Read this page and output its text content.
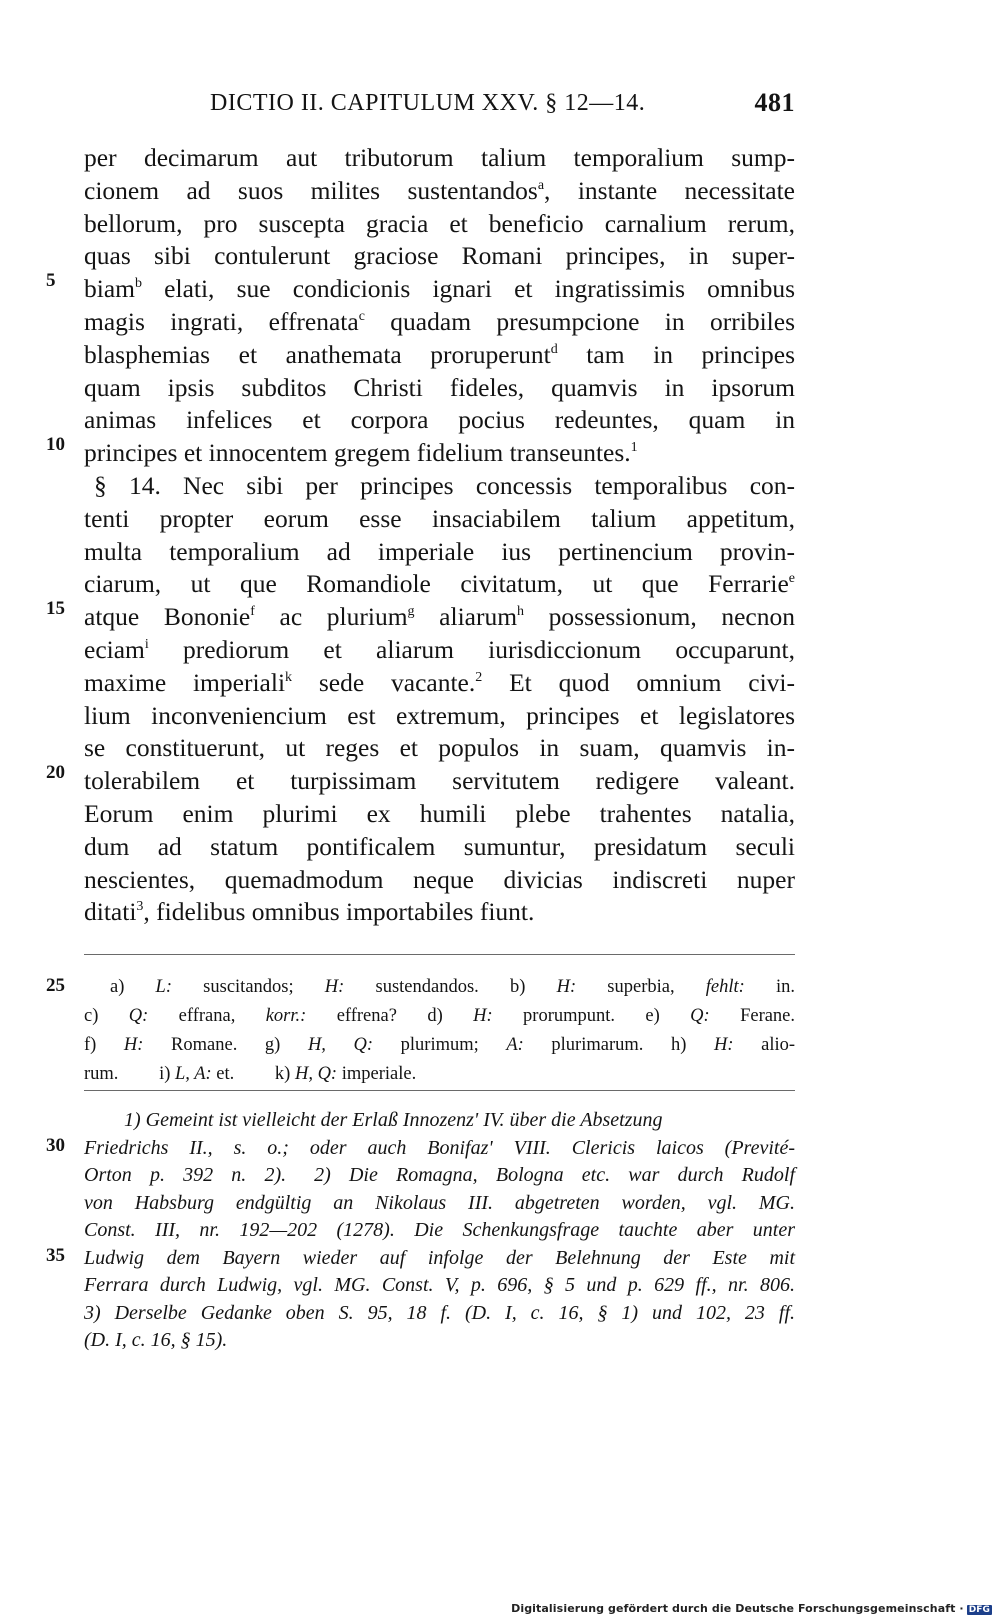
DICTIO II. CAPITULUM XXV. § 12—14.	481
5
10
15
20
25
30
35
per decimarum aut tributorum talium temporalium sump-
cionem ad suos milites sustentandos$^a$, instante necessitate
bellorum, pro suscepta gracia et beneficio carnalium rerum,
quas sibi contulerunt graciose Romani principes, in super-
biam$^b$ elati, sue condicionis ignari et ingratissimis omnibus
magis ingrati, effrenata$^c$ quadam presumpcione in orribiles
blasphemias et anathemata proruperunt$^d$ tam in principes
quam ipsis subditos Christi fideles, quamvis in ipsorum
animas infelices et corpora pocius redeuntes, quam in
principes et innocentem gregem fidelium transeuntes.$^1$
§ 14. Nec sibi per principes concessis temporalibus con-
tenti propter eorum esse insaciabilem talium appetitum,
multa temporalium ad imperiale ius pertinencium provin-
ciarum, ut que Romandiole civitatum, ut que Ferrarie$^e$
atque Bononie$^f$ ac plurium$^g$ aliarum$^h$ possessionum, necnon
eciam$^i$ prediorum et aliarum iurisdiccionum occuparunt,
maxime imperiali$^k$ sede vacante.$^2$ Et quod omnium civi-
lium inconveniencium est extremum, principes et legislatores
se constituerunt, ut reges et populos in suam, quamvis in-
tolerabilem et turpissimam servitutem redigere valeant.
Eorum enim plurimi ex humili plebe trahentes natalia,
dum ad statum pontificalem sumuntur, presidatum seculi
nescientes, quemadmodum neque divicias indiscreti nuper
ditati$^3$, fidelibus omnibus importabiles fiunt.
a) L: suscitandos; H: sustendandos. b) H: superbia, fehlt: in.
c) Q: effrana, korr.: effrena? d) H: prorumpunt. e) Q: Ferane.
f) H: Romane. g) H, Q: plurimum; A: plurimarum. h) H: alio-
rum. i) L, A: et. k) H, Q: imperiale.
1) Gemeint ist vielleicht der Erlaß Innozenz' IV. über die Absetzung
Friedrichs II., s. o.; oder auch Bonifaz' VIII. Clericis laicos (Previté-
Orton p. 392 n. 2). 2) Die Romagna, Bologna etc. war durch Rudolf
von Habsburg endgültig an Nikolaus III. abgetreten worden, vgl. MG.
Const. III, nr. 192—202 (1278). Die Schenkungsfrage tauchte aber unter
Ludwig dem Bayern wieder auf infolge der Belehnung der Este mit
Ferrara durch Ludwig, vgl. MG. Const. V, p. 696, § 5 und p. 629 ff., nr. 806.
3) Derselbe Gedanke oben S. 95, 18 f. (D. I, c. 16, § 1) und 102, 23 ff.
(D. I, c. 16, § 15).
Digitalisierung gefördert durch die Deutsche Forschungsgemeinschaft · DFG
